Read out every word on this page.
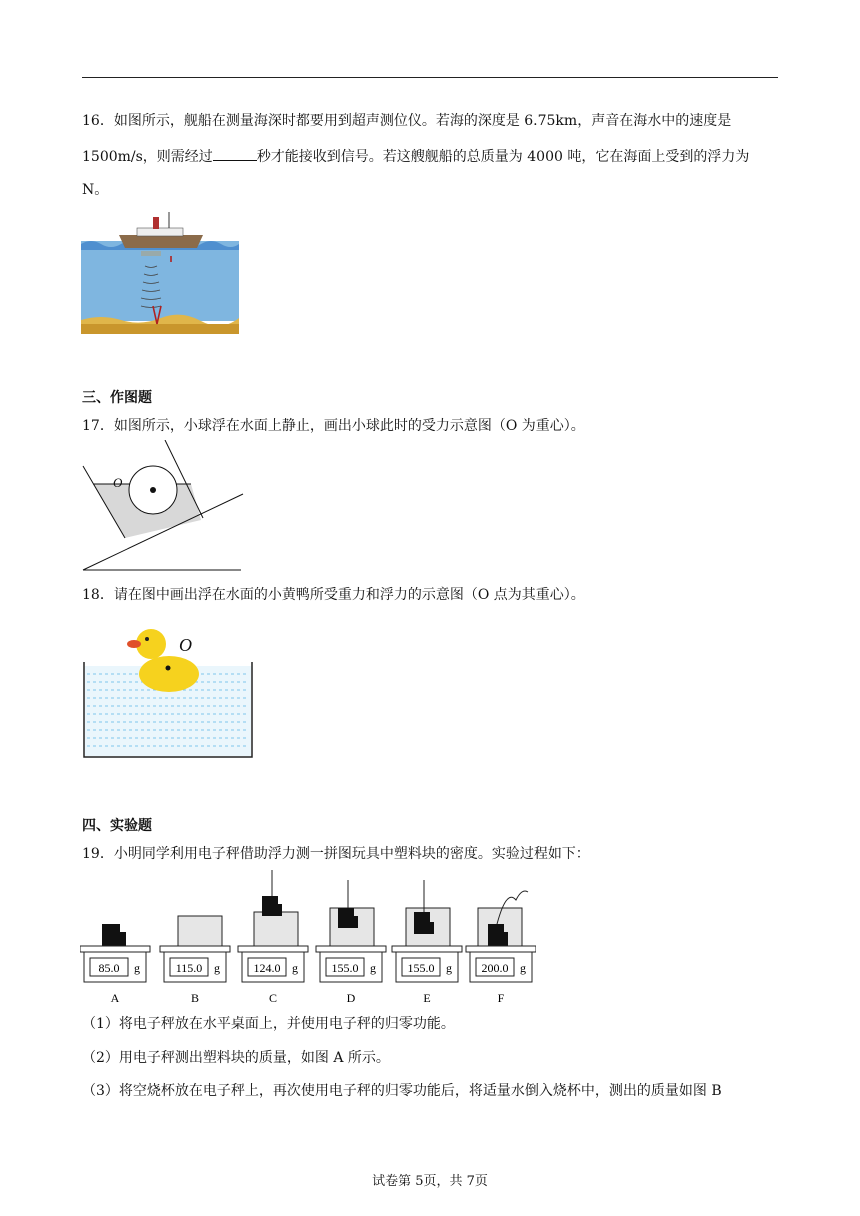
16．如图所示，舰船在测量海深时都要用到超声测位仪。若海的深度是 6.75km，声音在海水中的速度是
1500m/s，则需经过	秒才能接收到信号。若这艘舰船的总质量为 4000 吨，它在海面上受到的浮力为
N。
三、作图题
17．如图所示，小球浮在水面上静止，画出小球此时的受力示意图（O 为重心）。
O
18．请在图中画出浮在水面的小黄鸭所受重力和浮力的示意图（O 点为其重心）。
O
四、实验题
19．小明同学利用电子秤借助浮力测一拼图玩具中塑料块的密度。实验过程如下：
85.0 g
A
115.0 g
B
124.0 g
C
155.0 g
D
155.0 g
E
200.0 g
F
（1）将电子秤放在水平桌面上，并使用电子秤的归零功能。
（2）用电子秤测出塑料块的质量，如图 A 所示。
（3）将空烧杯放在电子秤上，再次使用电子秤的归零功能后，将适量水倒入烧杯中，测出的质量如图 B
试卷第 5页，共 7页
